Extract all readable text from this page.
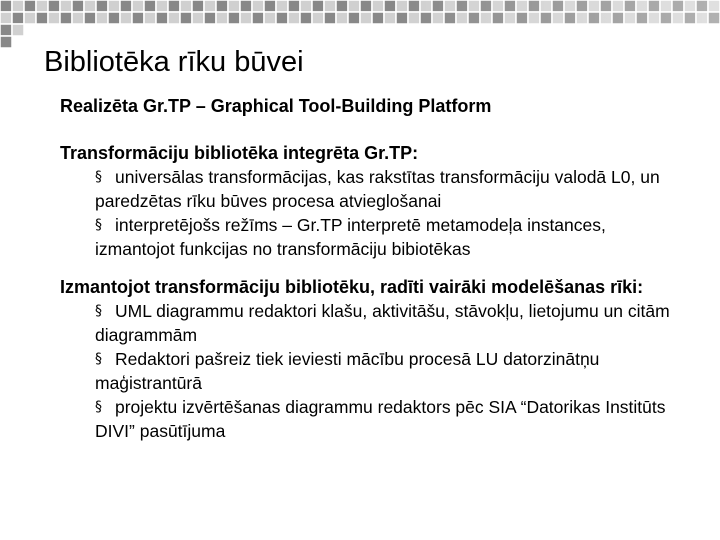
Bibliotēka rīku būvei

Realizēta Gr.TP – Graphical Tool-Building Platform

Transformāciju bibliotēka integrēta Gr.TP:

§ universālas transformācijas, kas rakstītas transformāciju valodā L0, un paredzētas rīku būves procesa atvieglošanai
§ interpretējošs režīms – Gr.TP interpretē metamodeļa instances, izmantojot funkcijas no transformāciju bibiotēkas

Izmantojot transformāciju bibliotēku, radīti vairāki modelēšanas rīki:

§ UML diagrammu redaktori klašu, aktivitāšu, stāvokļu, lietojumu un citām diagrammām
§ Redaktori pašreiz tiek ieviesti mācību procesā LU datorzinātņu maģistrantūrā
§ projektu izvērtēšanas diagrammu redaktors pēc SIA “Datorikas Institūts DIVI” pasūtījuma
